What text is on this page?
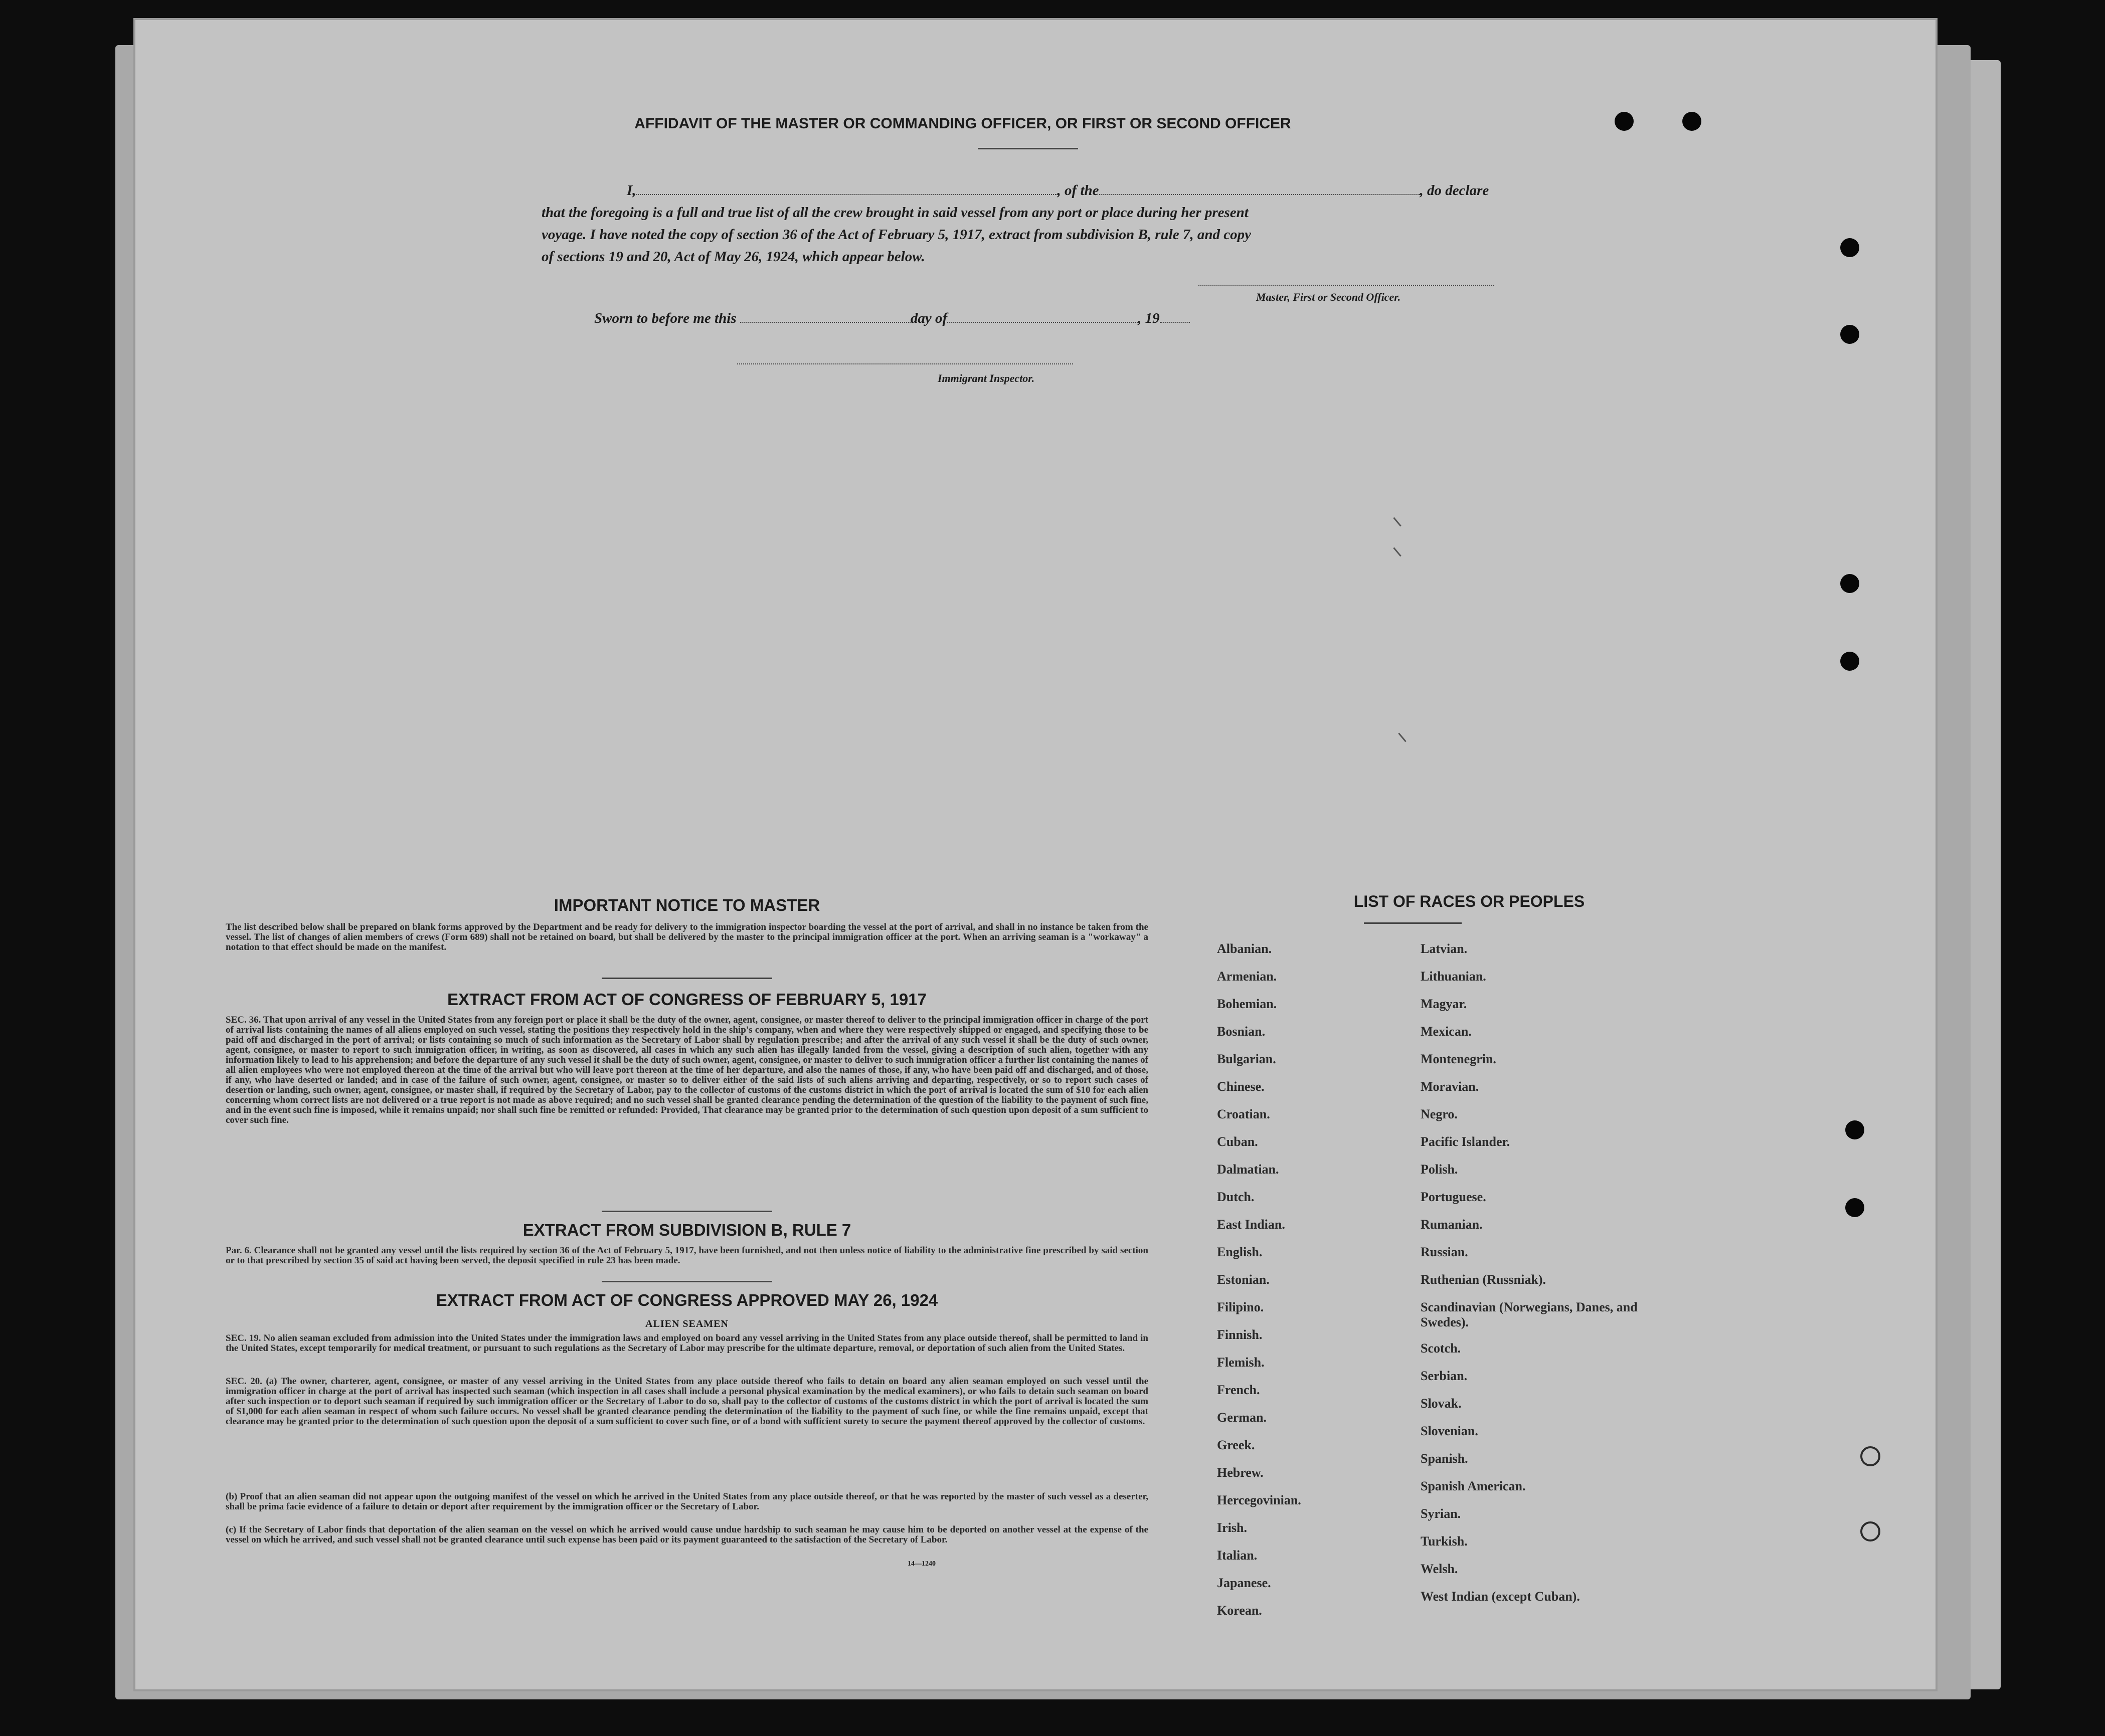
AFFIDAVIT OF THE MASTER OR COMMANDING OFFICER, OR FIRST OR SECOND OFFICER
I,	, of the	, do declare
that the foregoing is a full and true list of all the crew brought in said vessel from any port or place during her present
voyage. I have noted the copy of section 36 of the Act of February 5, 1917, extract from subdivision B, rule 7, and copy
of sections 19 and 20, Act of May 26, 1924, which appear below.
Master, First or Second Officer.
Sworn to before me this	day of	, 19
Immigrant Inspector.
IMPORTANT NOTICE TO MASTER
The list described below shall be prepared on blank forms approved by the Department and be ready for delivery to the immigration inspector boarding the vessel at the port of arrival, and shall in no instance be taken from the vessel. The list of changes of alien members of crews (Form 689) shall not be retained on board, but shall be delivered by the master to the principal immigration officer at the port. When an arriving seaman is a "workaway" a notation to that effect should be made on the manifest.
EXTRACT FROM ACT OF CONGRESS OF FEBRUARY 5, 1917
SEC. 36. That upon arrival of any vessel in the United States from any foreign port or place it shall be the duty of the owner, agent, consignee, or master thereof to deliver to the principal immigration officer in charge of the port of arrival lists containing the names of all aliens employed on such vessel, stating the positions they respectively hold in the ship's company, when and where they were respectively shipped or engaged, and specifying those to be paid off and discharged in the port of arrival; or lists containing so much of such information as the Secretary of Labor shall by regulation prescribe; and after the arrival of any such vessel it shall be the duty of such owner, agent, consignee, or master to report to such immigration officer, in writing, as soon as discovered, all cases in which any such alien has illegally landed from the vessel, giving a description of such alien, together with any information likely to lead to his apprehension; and before the departure of any such vessel it shall be the duty of such owner, agent, consignee, or master to deliver to such immigration officer a further list containing the names of all alien employees who were not employed thereon at the time of the arrival but who will leave port thereon at the time of her departure, and also the names of those, if any, who have been paid off and discharged, and of those, if any, who have deserted or landed; and in case of the failure of such owner, agent, consignee, or master so to deliver either of the said lists of such aliens arriving and departing, respectively, or so to report such cases of desertion or landing, such owner, agent, consignee, or master shall, if required by the Secretary of Labor, pay to the collector of customs of the customs district in which the port of arrival is located the sum of $10 for each alien concerning whom correct lists are not delivered or a true report is not made as above required; and no such vessel shall be granted clearance pending the determination of the question of the liability to the payment of such fine, and in the event such fine is imposed, while it remains unpaid; nor shall such fine be remitted or refunded: Provided, That clearance may be granted prior to the determination of such question upon deposit of a sum sufficient to cover such fine.
EXTRACT FROM SUBDIVISION B, RULE 7
Par. 6. Clearance shall not be granted any vessel until the lists required by section 36 of the Act of February 5, 1917, have been furnished, and not then unless notice of liability to the administrative fine prescribed by said section or to that prescribed by section 35 of said act having been served, the deposit specified in rule 23 has been made.
EXTRACT FROM ACT OF CONGRESS APPROVED MAY 26, 1924
ALIEN SEAMEN
SEC. 19. No alien seaman excluded from admission into the United States under the immigration laws and employed on board any vessel arriving in the United States from any place outside thereof, shall be permitted to land in the United States, except temporarily for medical treatment, or pursuant to such regulations as the Secretary of Labor may prescribe for the ultimate departure, removal, or deportation of such alien from the United States.
SEC. 20. (a) The owner, charterer, agent, consignee, or master of any vessel arriving in the United States from any place outside thereof who fails to detain on board any alien seaman employed on such vessel until the immigration officer in charge at the port of arrival has inspected such seaman (which inspection in all cases shall include a personal physical examination by the medical examiners), or who fails to detain such seaman on board after such inspection or to deport such seaman if required by such immigration officer or the Secretary of Labor to do so, shall pay to the collector of customs of the customs district in which the port of arrival is located the sum of $1,000 for each alien seaman in respect of whom such failure occurs. No vessel shall be granted clearance pending the determination of the liability to the payment of such fine, or while the fine remains unpaid, except that clearance may be granted prior to the determination of such question upon the deposit of a sum sufficient to cover such fine, or of a bond with sufficient surety to secure the payment thereof approved by the collector of customs.
(b) Proof that an alien seaman did not appear upon the outgoing manifest of the vessel on which he arrived in the United States from any place outside thereof, or that he was reported by the master of such vessel as a deserter, shall be prima facie evidence of a failure to detain or deport after requirement by the immigration officer or the Secretary of Labor.
(c) If the Secretary of Labor finds that deportation of the alien seaman on the vessel on which he arrived would cause undue hardship to such seaman he may cause him to be deported on another vessel at the expense of the vessel on which he arrived, and such vessel shall not be granted clearance until such expense has been paid or its payment guaranteed to the satisfaction of the Secretary of Labor.
14—1240
LIST OF RACES OR PEOPLES
Albanian.
Armenian.
Bohemian.
Bosnian.
Bulgarian.
Chinese.
Croatian.
Cuban.
Dalmatian.
Dutch.
East Indian.
English.
Estonian.
Filipino.
Finnish.
Flemish.
French.
German.
Greek.
Hebrew.
Hercegovinian.
Irish.
Italian.
Japanese.
Korean.
Latvian.
Lithuanian.
Magyar.
Mexican.
Montenegrin.
Moravian.
Negro.
Pacific Islander.
Polish.
Portuguese.
Rumanian.
Russian.
Ruthenian (Russniak).
Scandinavian (Norwegians, Danes, and Swedes).
Scotch.
Serbian.
Slovak.
Slovenian.
Spanish.
Spanish American.
Syrian.
Turkish.
Welsh.
West Indian (except Cuban).
